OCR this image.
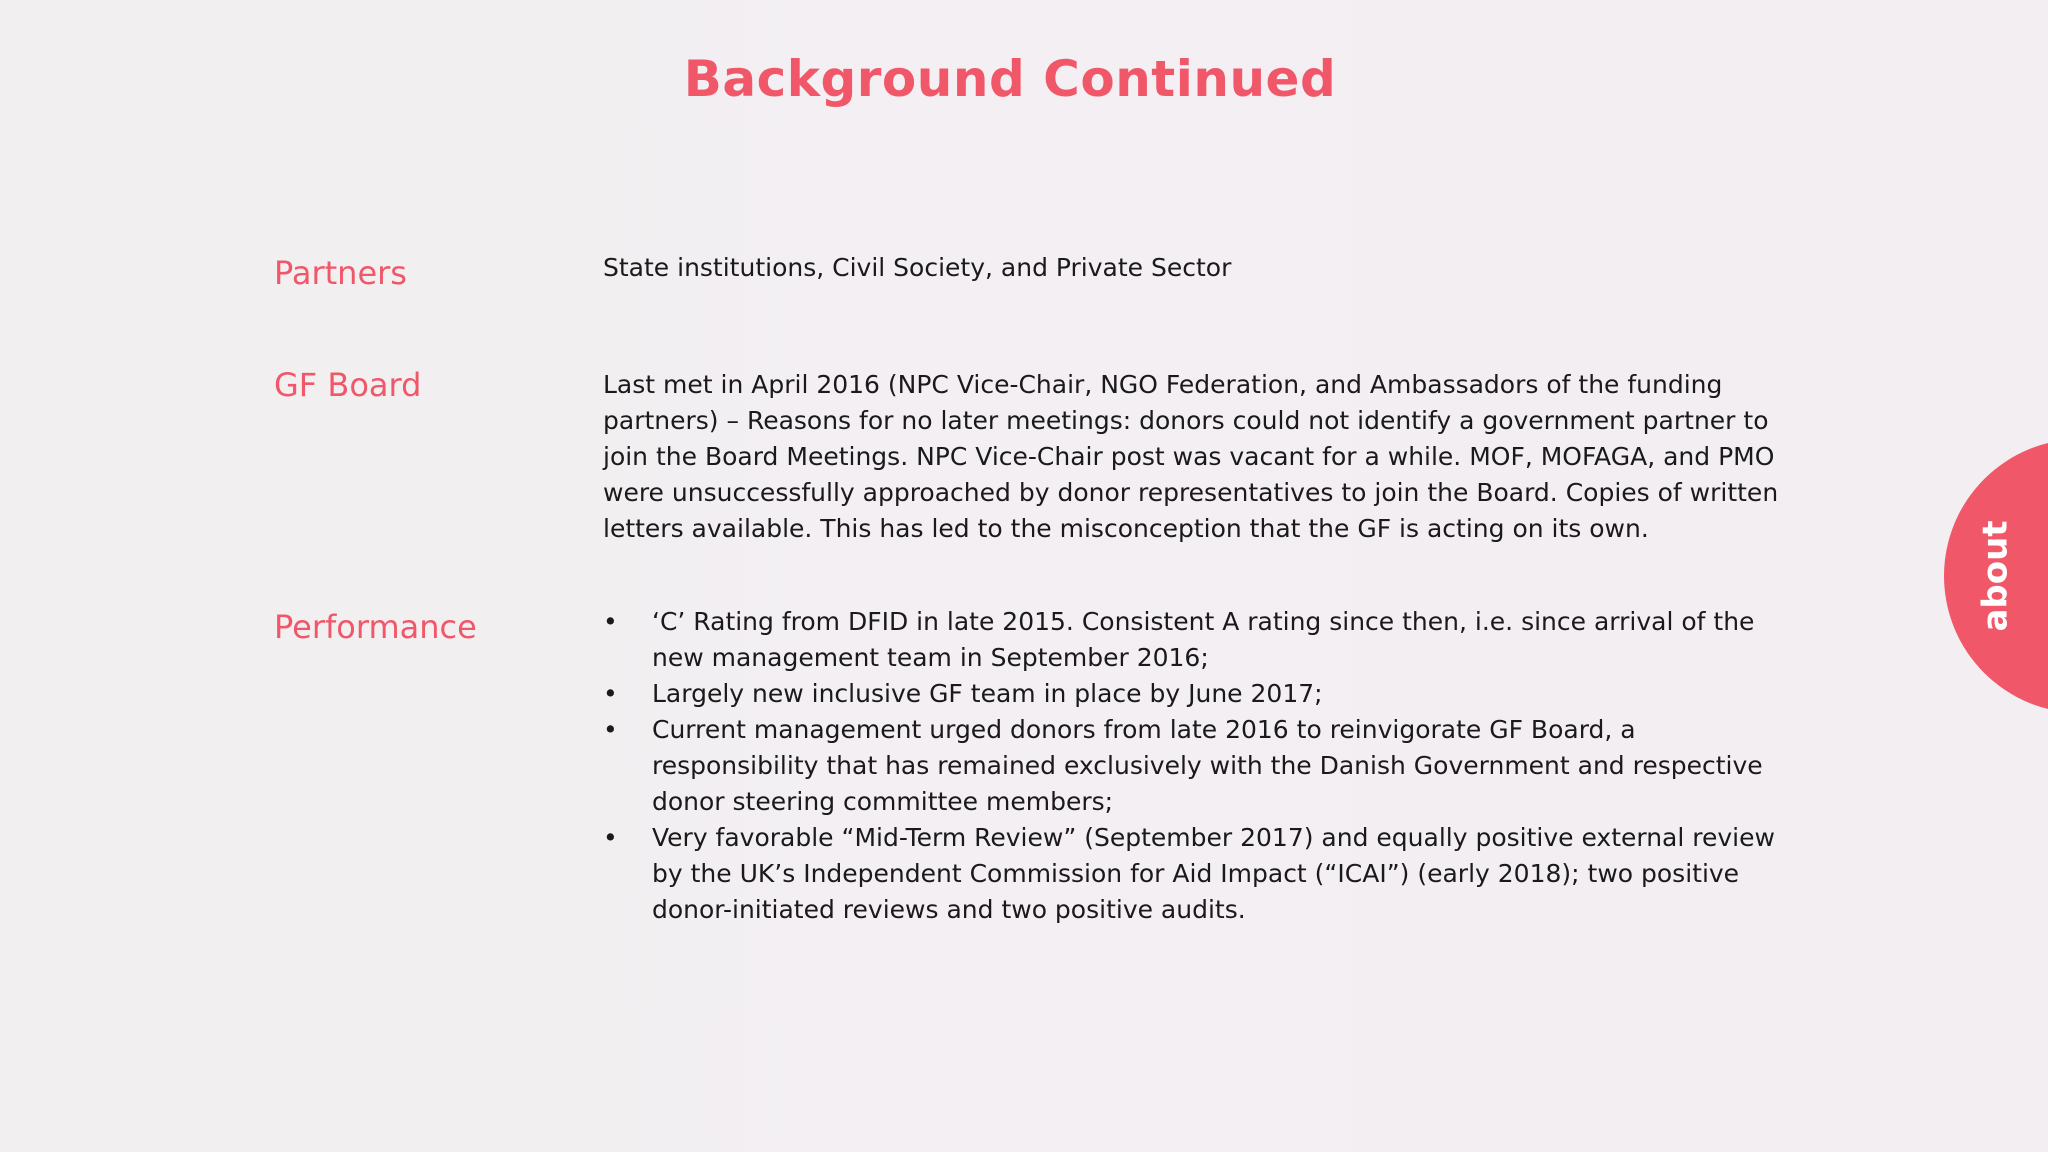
Background Continued
Partners	State institutions, Civil Society, and Private Sector
GF Board	Last met in April 2016 (NPC Vice-Chair, NGO Federation, and Ambassadors of the funding partners) – Reasons for no later meetings: donors could not identify a government partner to join the Board Meetings. NPC Vice-Chair post was vacant for a while. MOF, MOFAGA, and PMO were unsuccessfully approached by donor representatives to join the Board. Copies of written letters available. This has led to the misconception that the GF is acting on its own.
Performance	• ‘C’ Rating from DFID in late 2015. Consistent A rating since then, i.e. since arrival of the new management team in September 2016;
• Largely new inclusive GF team in place by June 2017;
• Current management urged donors from late 2016 to reinvigorate GF Board, a responsibility that has remained exclusively with the Danish Government and respective donor steering committee members;
• Very favorable “Mid-Term Review” (September 2017) and equally positive external review by the UK’s Independent Commission for Aid Impact (“ICAI”) (early 2018); two positive donor-initiated reviews and two positive audits.
about
